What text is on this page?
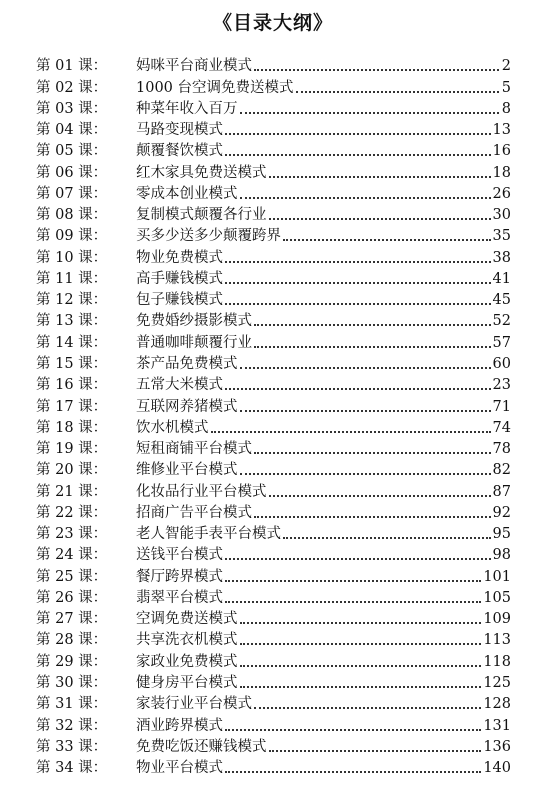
《目录大纲》
第 01 课：	妈咪平台商业模式	2
第 02 课：	1000 台空调免费送模式	5
第 03 课：	种菜年收入百万	8
第 04 课：	马路变现模式	13
第 05 课：	颠覆餐饮模式	16
第 06 课：	红木家具免费送模式	18
第 07 课：	零成本创业模式	26
第 08 课：	复制模式颠覆各行业	30
第 09 课：	买多少送多少颠覆跨界	35
第 10 课：	物业免费模式	38
第 11 课：	高手赚钱模式	41
第 12 课：	包子赚钱模式	45
第 13 课：	免费婚纱摄影模式	52
第 14 课：	普通咖啡颠覆行业	57
第 15 课：	茶产品免费模式	60
第 16 课：	五常大米模式	23
第 17 课：	互联网养猪模式	71
第 18 课：	饮水机模式	74
第 19 课：	短租商铺平台模式	78
第 20 课：	维修业平台模式	82
第 21 课：	化妆品行业平台模式	87
第 22 课：	招商广告平台模式	92
第 23 课：	老人智能手表平台模式	95
第 24 课：	送钱平台模式	98
第 25 课：	餐厅跨界模式	101
第 26 课：	翡翠平台模式	105
第 27 课：	空调免费送模式	109
第 28 课：	共享洗衣机模式	113
第 29 课：	家政业免费模式	118
第 30 课：	健身房平台模式	125
第 31 课：	家装行业平台模式	128
第 32 课：	酒业跨界模式	131
第 33 课：	免费吃饭还赚钱模式	136
第 34 课：	物业平台模式	140
